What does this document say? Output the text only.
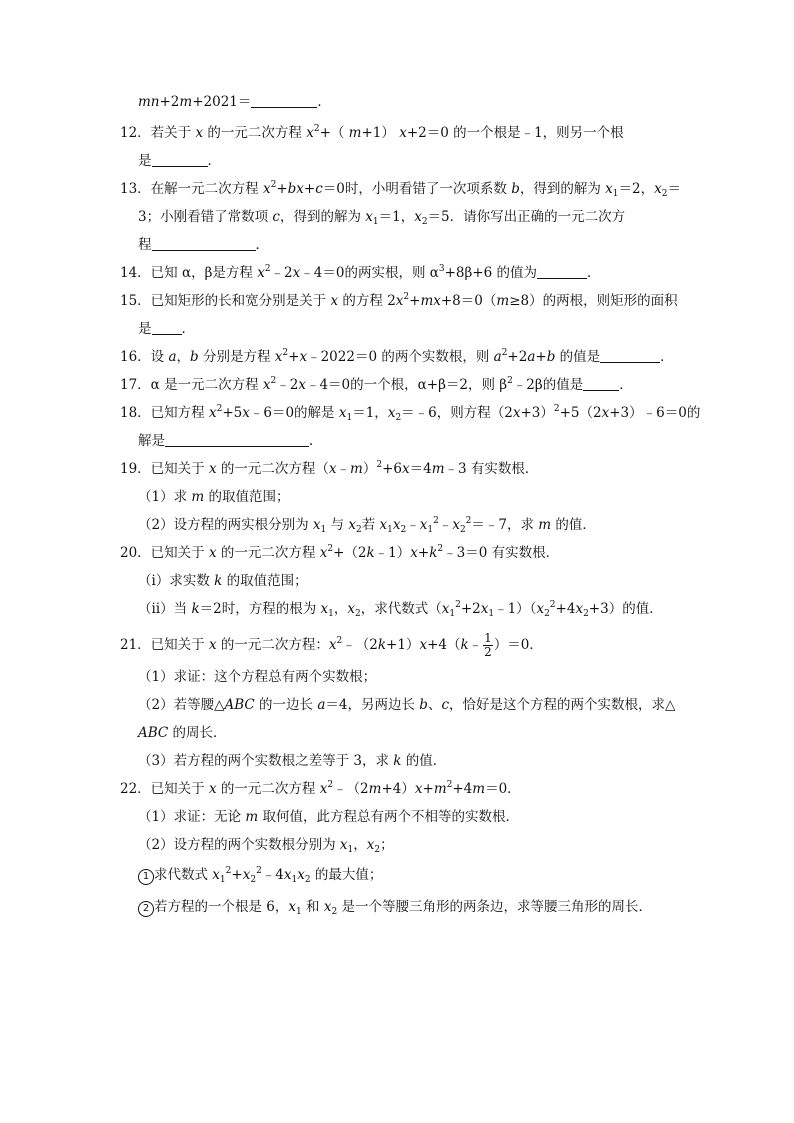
mn+2m+2021＝	．
12．若关于 x 的一元二次方程 $x^2+$（ m+1） x+2＝0 的一个根是﹣1，则另一个根
是	．
13．在解一元二次方程 $x^2+bx+c=0$时，小明看错了一次项系数 b，得到的解为 $x_1=2$，$x_2=$
3；小刚看错了常数项 c，得到的解为 $x_1=1$，$x_2=5$．请你写出正确的一元二次方
程	．
14．已知 α，β是方程 $x^2﹣2x﹣4=0$的两实根，则 $\alpha^3+8\beta+6$ 的值为	．
15．已知矩形的长和宽分别是关于 x 的方程 $2x^2+mx+8=0(m\ge 8)$的两根，则矩形的面积
是 ．
16．设 a，b 分别是方程 $x^2+x﹣2022=0$ 的两个实数根，则 $a^2+2a+b$ 的值是	．
17．α 是一元二次方程 $x^2﹣2x﹣4=0$的一个根，α+β＝2，则 $\beta^2﹣2\beta$的值是	．
18．已知方程 $x^2+5x﹣6=0$的解是 $x_1=1$，$x_2=﹣6$，则方程$(2x+3)^2+5(2x+3)﹣6=0$的
解是	．
19．已知关于 x 的一元二次方程（x﹣m）$^2$+6x＝4m﹣3 有实数根．
（1）求 m 的取值范围；
（2）设方程的两实根分别为 $x_1$ 与 $x_2$若 $x_1x_2﹣x_1^2﹣x_2^2=﹣7$，求 m 的值．
20．已知关于 x 的一元二次方程 $x^2+(2k﹣1)x+k^2﹣3=0$ 有实数根．
（ⅰ）求实数 k 的取值范围；
（ⅱ）当 k＝2时，方程的根为 $x_1$，$x_2$，求代数式$(x_1^2+2x_1﹣1)(x_2^2+4x_2+3)$的值．
21．已知关于 x 的一元二次方程：$x^2﹣(2k+1)x+4(k﹣ \frac{1}{2} )=0$．
（1）求证：这个方程总有两个实数根；
（2）若等腰△ABC 的一边长 a＝4，另两边长 b、c，恰好是这个方程的两个实数根，求△
ABC 的周长．
（3）若方程的两个实数根之差等于 3，求 k 的值．
22．已知关于 x 的一元二次方程 $x^2﹣(2m+4)x+m^2+4m=0$．
（1）求证：无论 m 取何值，此方程总有两个不相等的实数根．
（2）设方程的两个实数根分别为 $x_1$，$x_2$；
1 求代数式 $x_1^2+x_2^2﹣4x_1x_2$ 的最大值；
2 若方程的一个根是 6，$x_1$ 和 $x_2$ 是一个等腰三角形的两条边，求等腰三角形的周长．
